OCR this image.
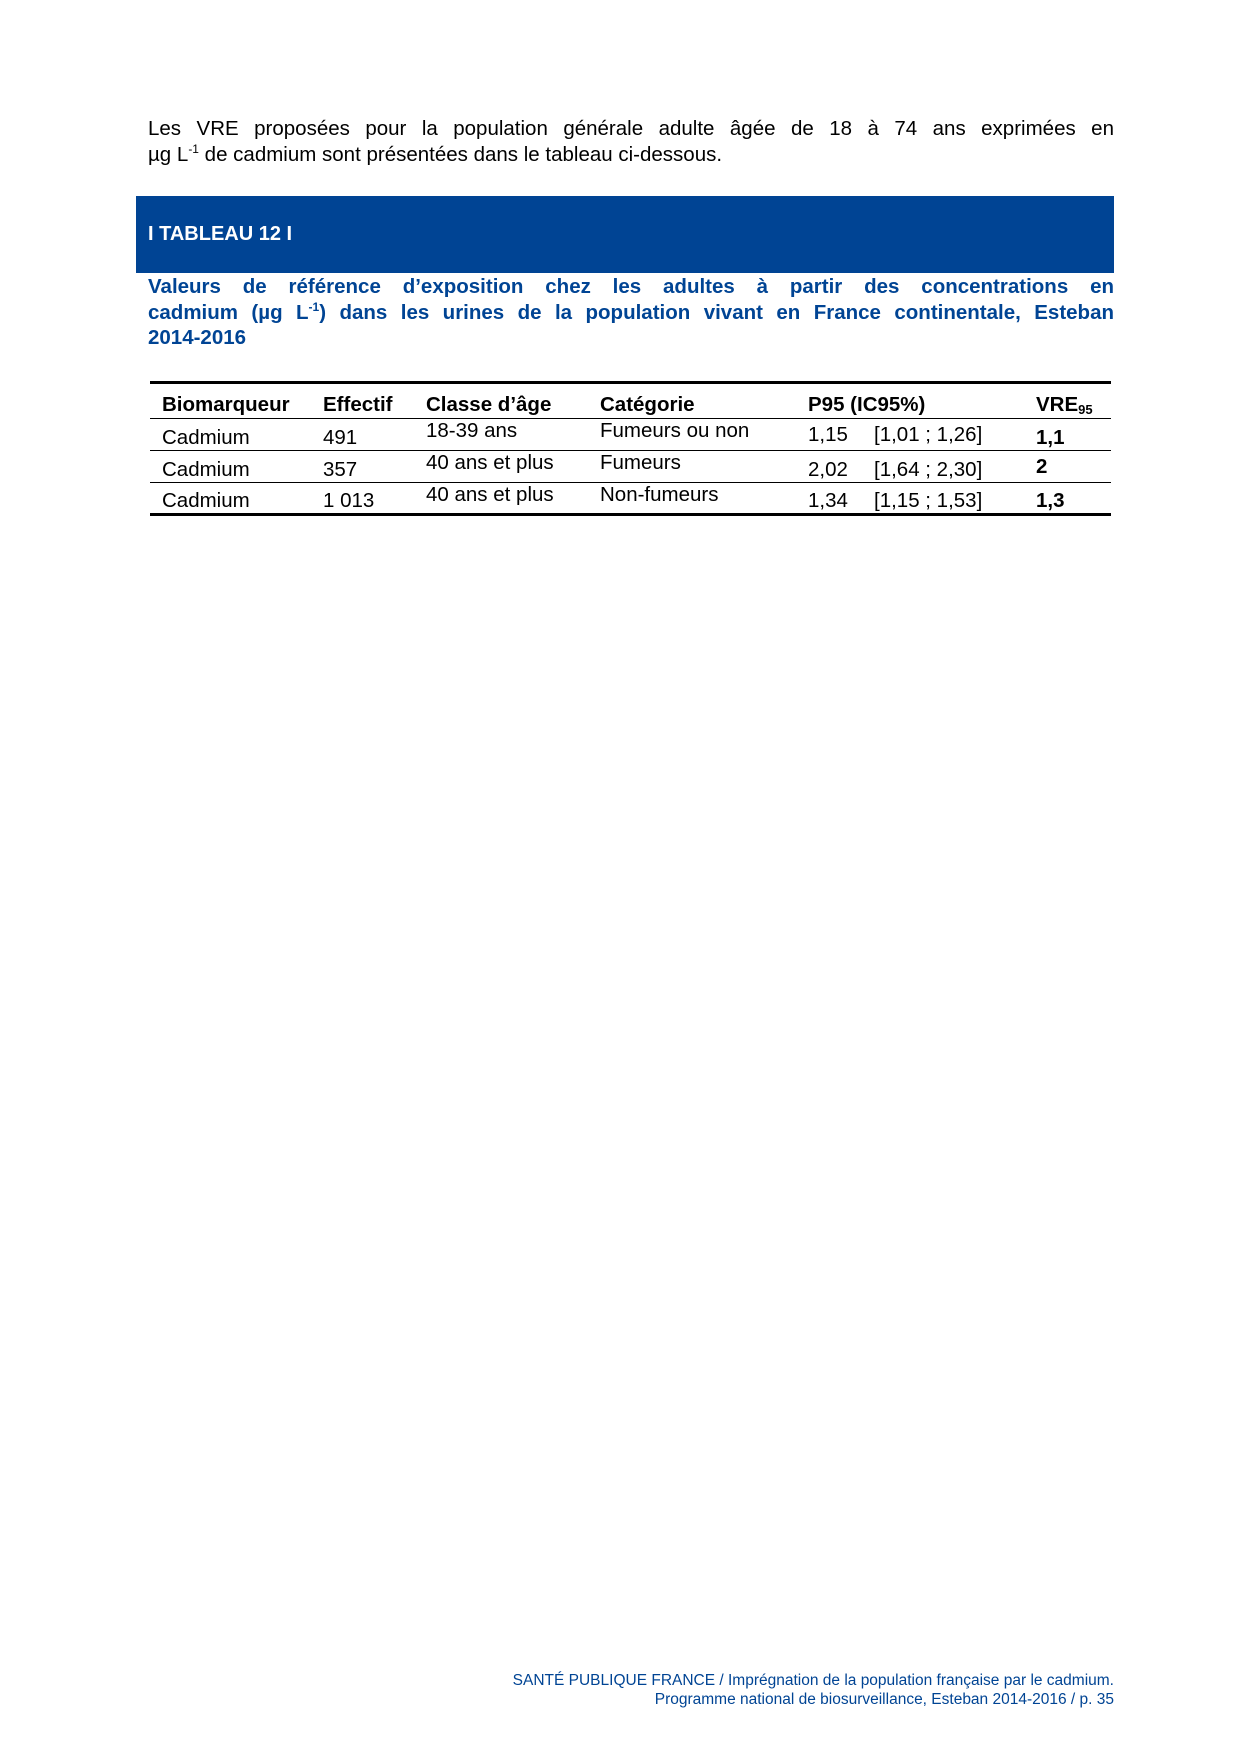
Les VRE proposées pour la population générale adulte âgée de 18 à 74 ans exprimées en
µg $L^{-1}$ de cadmium sont présentées dans le tableau ci-dessous.
I TABLEAU 12 I
Valeurs de référence d’exposition chez les adultes à partir des concentrations en
cadmium (µg $L^{-1}$) dans les urines de la population vivant en France continentale, Esteban
2014-2016
Biomarqueur	Effectif	Classe d’âge	Catégorie	P95 (IC95%)	VRE95
Cadmium	491	18-39 ans	Fumeurs ou non	1,15 [1,01 ; 1,26]	1,1
Cadmium	357	40 ans et plus	Fumeurs	2,02 [1,64 ; 2,30]	2
Cadmium	1 013	40 ans et plus	Non-fumeurs	1,34 [1,15 ; 1,53]	1,3
SANTÉ PUBLIQUE FRANCE / Imprégnation de la population française par le cadmium.
Programme national de biosurveillance, Esteban 2014-2016 / p. 35
